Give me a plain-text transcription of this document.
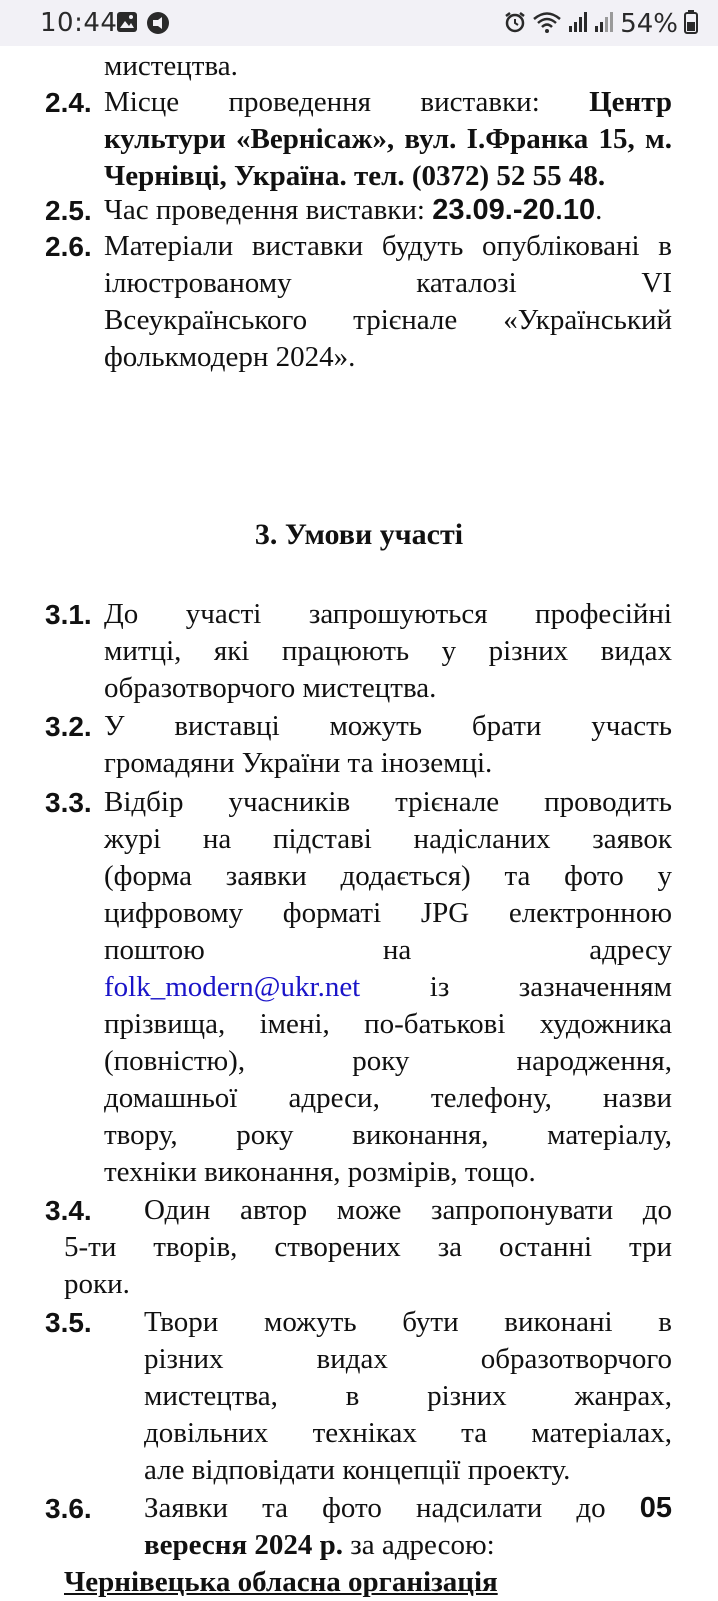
10:44	54%
мистецтва.
2.4. Місце проведення виставки: Центр
культури «Вернісаж», вул. І.Франка 15, м.
Чернівці, Україна. тел. (0372) 52 55 48.
2.5. Час проведення виставки: 23.09.-20.10.
2.6. Матеріали виставки будуть опубліковані в
ілюстрованому	каталозі	VI
Всеукраїнського трієнале «Український
фолькмодерн 2024».
3. Умови участі
3.1. До участі запрошуються професійні
митці, які працюють у різних видах
образотворчого мистецтва.
3.2. У виставці можуть брати участь
громадяни України та іноземці.
3.3. Відбір учасників трієнале проводить
журі на підставі надісланих заявок
(форма заявки додається) та фото у
цифровому форматі JPG електронною
поштою	на	адресу
folk_modern@ukr.net із зазначенням
прізвища, імені, по-батькові художника
(повністю),	року	народження,
домашньої адреси, телефону, назви
твору, року виконання, матеріалу,
техніки виконання, розмірів, тощо.
3.4. Один автор може запропонувати до
5-ти творів, створених за останні три
роки.
3.5. Твори можуть бути виконані в
різних	видах	образотворчого
мистецтва, в різних жанрах,
довільних техніках та матеріалах,
але відповідати концепції проекту.
3.6. Заявки та фото надсилати до 05
вересня 2024 р. за адресою:
Чернівецька обласна організація
